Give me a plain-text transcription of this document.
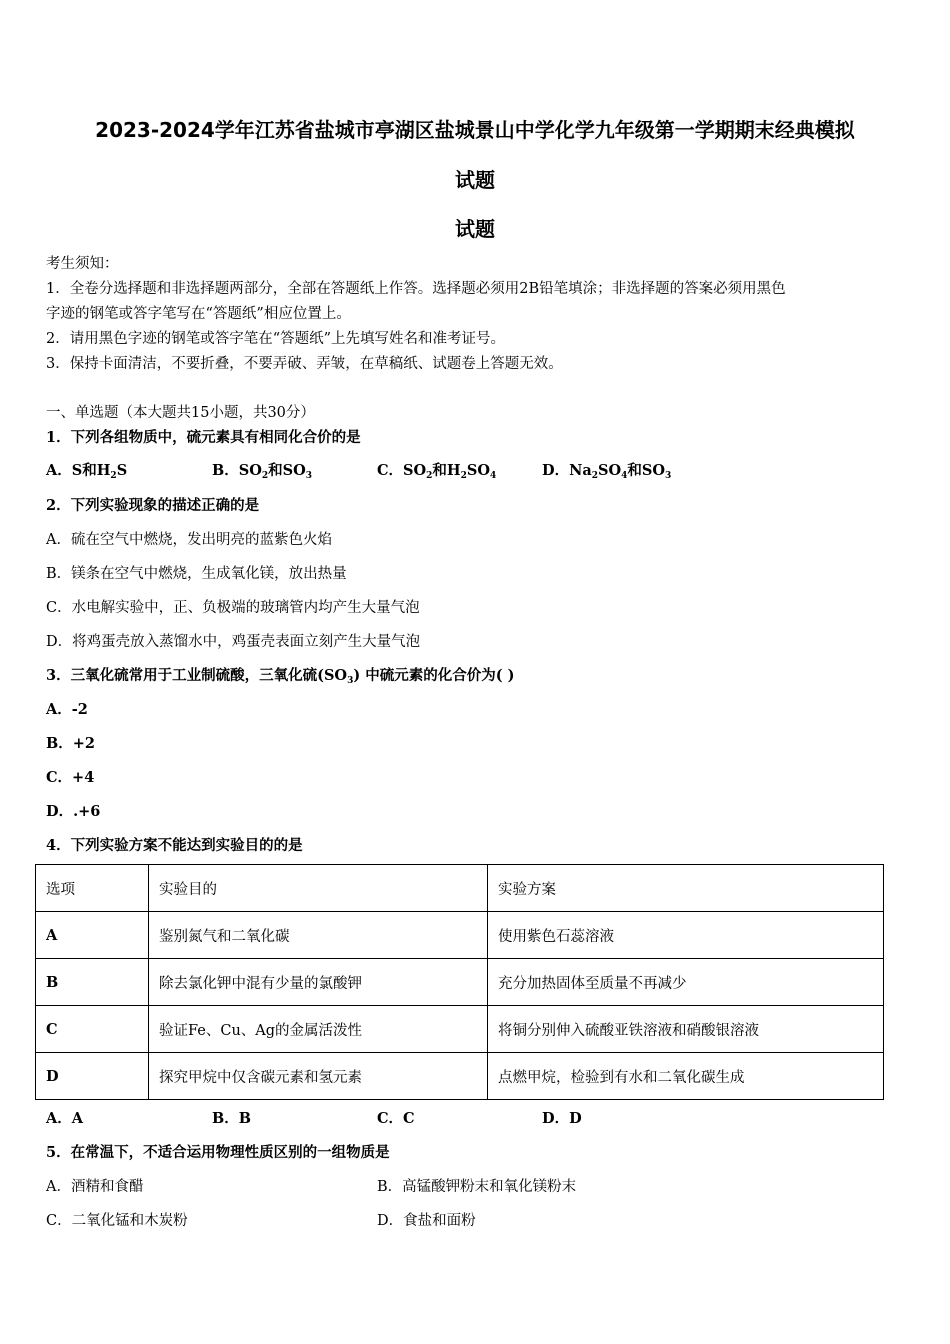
2023-2024学年江苏省盐城市亭湖区盐城景山中学化学九年级第一学期期末经典模拟
试题
试题
考生须知：
1．全卷分选择题和非选择题两部分，全部在答题纸上作答。选择题必须用2B铅笔填涂；非选择题的答案必须用黑色
字迹的钢笔或答字笔写在“答题纸”相应位置上。
2．请用黑色字迹的钢笔或答字笔在“答题纸”上先填写姓名和准考证号。
3．保持卡面清洁，不要折叠，不要弄破、弄皱，在草稿纸、试题卷上答题无效。
一、单选题（本大题共15小题，共30分）
1．下列各组物质中，硫元素具有相同化合价的是
A．S和$H_2S$	B．$SO_2$和$SO_3$	C．$SO_2$和$H_2SO_4$	D．$Na_2SO_4$和$SO_3$
2．下列实验现象的描述正确的是
A．硫在空气中燃烧，发出明亮的蓝紫色火焰
B．镁条在空气中燃烧，生成氧化镁，放出热量
C．水电解实验中，正、负极端的玻璃管内均产生大量气泡
D．将鸡蛋壳放入蒸馏水中，鸡蛋壳表面立刻产生大量气泡
3．三氧化硫常用于工业制硫酸，三氧化硫$(SO_3)$ 中硫元素的化合价为( )
A．-2
B．+2
C．+4
D．.+6
4．下列实验方案不能达到实验目的的是
选项	实验目的	实验方案
A	鉴别氮气和二氧化碳	使用紫色石蕊溶液
B	除去氯化钾中混有少量的氯酸钾	充分加热固体至质量不再减少
C	验证Fe、Cu、Ag的金属活泼性	将铜分别伸入硫酸亚铁溶液和硝酸银溶液
D	探究甲烷中仅含碳元素和氢元素	点燃甲烷，检验到有水和二氧化碳生成
A．A	B．B	C．C	D．D
5．在常温下，不适合运用物理性质区别的一组物质是
A．酒精和食醋	B．高锰酸钾粉末和氧化镁粉末
C．二氧化锰和木炭粉	D．食盐和面粉
